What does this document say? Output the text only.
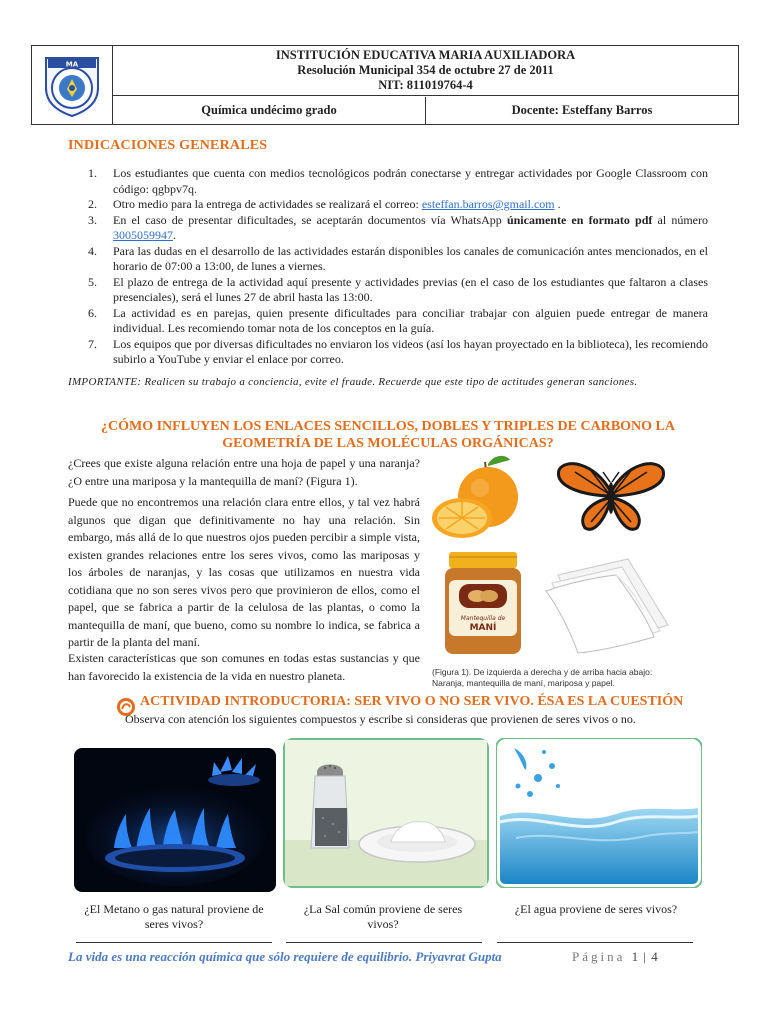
MA
INSTITUCIÓN EDUCATIVA MARIA AUXILIADORA
Resolución Municipal 354 de octubre 27 de 2011
NIT: 811019764-4
Química undécimo grado	Docente: Esteffany Barros
INDICACIONES GENERALES
1. Los estudiantes que cuenta con medios tecnológicos podrán conectarse y entregar actividades por Google Classroom con código: qgbpv7q.
2. Otro medio para la entrega de actividades se realizará el correo: esteffan.barros@gmail.com .
3. En el caso de presentar dificultades, se aceptarán documentos vía WhatsApp únicamente en formato pdf al número 3005059947.
4. Para las dudas en el desarrollo de las actividades estarán disponibles los canales de comunicación antes mencionados, en el horario de 07:00 a 13:00, de lunes a viernes.
5. El plazo de entrega de la actividad aquí presente y actividades previas (en el caso de los estudiantes que faltaron a clases presenciales), será el lunes 27 de abril hasta las 13:00.
6. La actividad es en parejas, quien presente dificultades para conciliar trabajar con alguien puede entregar de manera individual. Les recomiendo tomar nota de los conceptos en la guía.
7. Los equipos que por diversas dificultades no enviaron los videos (así los hayan proyectado en la biblioteca), les recomiendo subirlo a YouTube y enviar el enlace por correo.
IMPORTANTE: Realicen su trabajo a conciencia, evite el fraude. Recuerde que este tipo de actitudes generan sanciones.
¿CÓMO INFLUYEN LOS ENLACES SENCILLOS, DOBLES Y TRIPLES DE CARBONO LA
GEOMETRÍA DE LAS MOLÉCULAS ORGÁNICAS?
¿Crees que existe alguna relación entre una hoja de papel y una naranja? ¿O entre una mariposa y la mantequilla de maní? (Figura 1).
Puede que no encontremos una relación clara entre ellos, y tal vez habrá algunos que digan que definitivamente no hay una relación. Sin embargo, más allá de lo que nuestros ojos pueden percibir a simple vista, existen grandes relaciones entre los seres vivos, como las mariposas y los árboles de naranjas, y las cosas que utilizamos en nuestra vida cotidiana que no son seres vivos pero que provinieron de ellos, como el papel, que se fabrica a partir de la celulosa de las plantas, o como la mantequilla de maní, que bueno, como su nombre lo indica, se fabrica a partir de la planta del maní.
Existen características que son comunes en todas estas sustancias y que han favorecido la existencia de la vida en nuestro planeta.
Mantequilla de
MANÍ
(Figura 1). De izquierda a derecha y de arriba hacia abajo:
Naranja, mantequilla de maní, mariposa y papel.
ACTIVIDAD INTRODUCTORIA: SER VIVO O NO SER VIVO. ÉSA ES LA CUESTIÓN
Observa con atención los siguientes compuestos y escribe si consideras que provienen de seres vivos o no.
¿El Metano o gas natural proviene de
seres vivos?
¿La Sal común proviene de seres
vivos?
¿El agua proviene de seres vivos?
La vida es una reacción química que sólo requiere de equilibrio. Priyavrat Gupta	Página 1 | 4
